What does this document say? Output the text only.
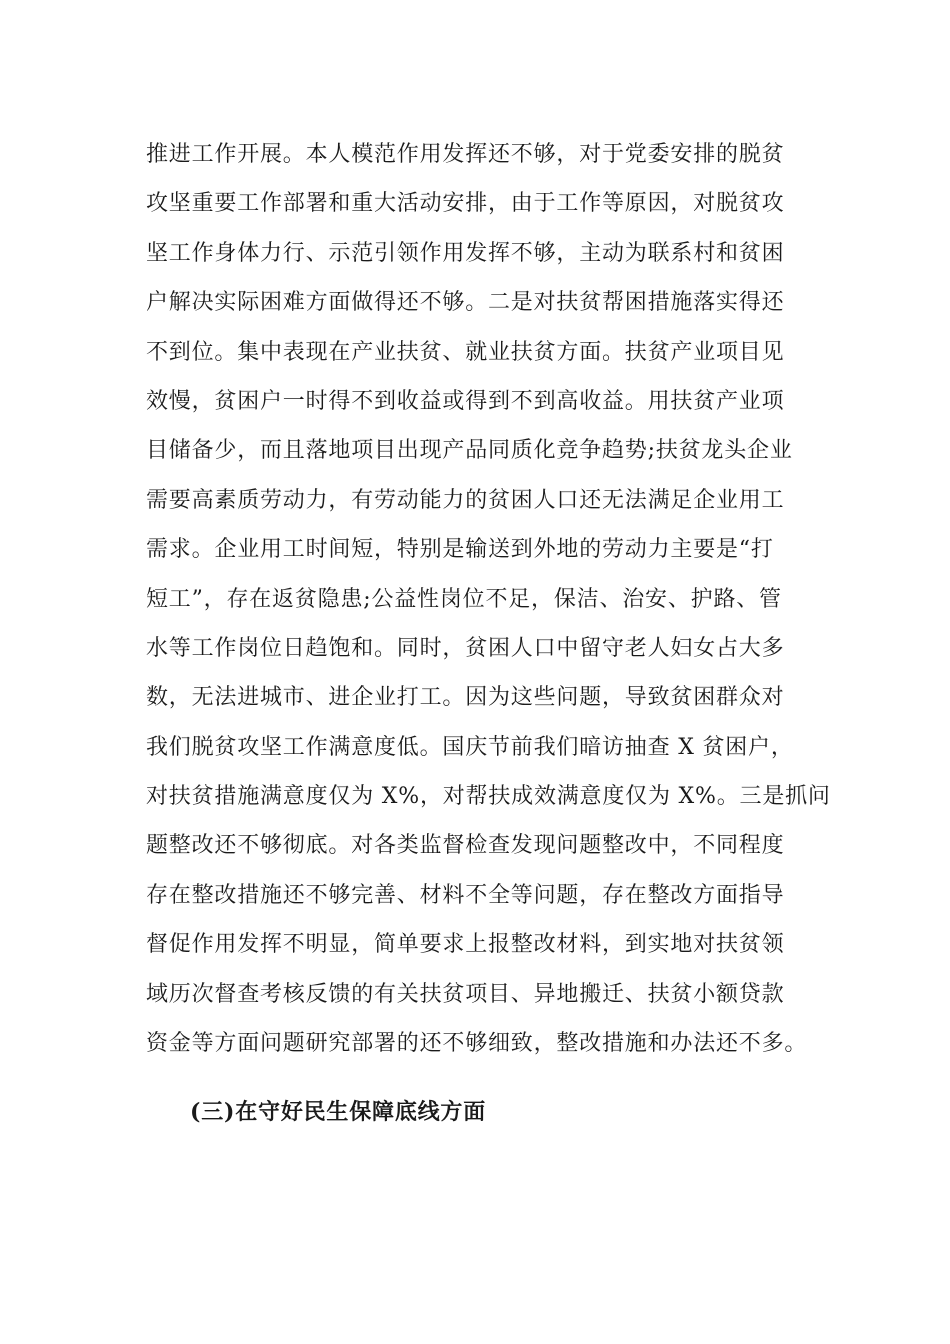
推进工作开展。本人模范作用发挥还不够，对于党委安排的脱贫
攻坚重要工作部署和重大活动安排，由于工作等原因，对脱贫攻
坚工作身体力行、示范引领作用发挥不够，主动为联系村和贫困
户解决实际困难方面做得还不够。二是对扶贫帮困措施落实得还
不到位。集中表现在产业扶贫、就业扶贫方面。扶贫产业项目见
效慢，贫困户一时得不到收益或得到不到高收益。用扶贫产业项
目储备少，而且落地项目出现产品同质化竞争趋势;扶贫龙头企业
需要高素质劳动力，有劳动能力的贫困人口还无法满足企业用工
需求。企业用工时间短，特别是输送到外地的劳动力主要是“打
短工”，存在返贫隐患;公益性岗位不足，保洁、治安、护路、管
水等工作岗位日趋饱和。同时，贫困人口中留守老人妇女占大多
数，无法进城市、进企业打工。因为这些问题，导致贫困群众对
我们脱贫攻坚工作满意度低。国庆节前我们暗访抽查 X 贫困户，
对扶贫措施满意度仅为 X%，对帮扶成效满意度仅为 X%。三是抓问
题整改还不够彻底。对各类监督检查发现问题整改中，不同程度
存在整改措施还不够完善、材料不全等问题，存在整改方面指导
督促作用发挥不明显，简单要求上报整改材料，到实地对扶贫领
域历次督查考核反馈的有关扶贫项目、异地搬迁、扶贫小额贷款
资金等方面问题研究部署的还不够细致，整改措施和办法还不多。

(三)在守好民生保障底线方面
